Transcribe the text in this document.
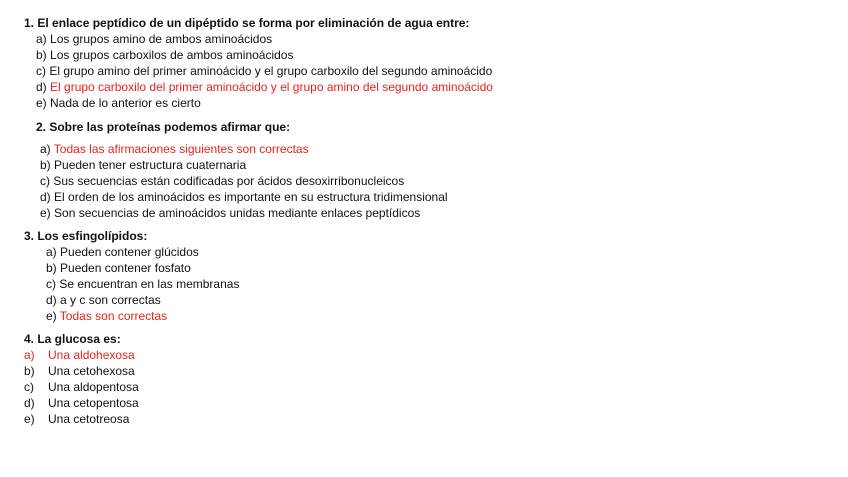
1. El enlace peptídico de un dipéptido se forma por eliminación de agua entre:
a) Los grupos amino de ambos aminoácidos
b) Los grupos carboxilos de ambos aminoácidos
c) El grupo amino del primer aminoácido y el grupo carboxilo del segundo aminoácido
d) El grupo carboxilo del primer aminoácido y el grupo amino del segundo aminoácido
e) Nada de lo anterior es cierto
2. Sobre las proteínas podemos afirmar que:
a) Todas las afirmaciones siguientes son correctas
b) Pueden tener estructura cuaternaria
c) Sus secuencias están codificadas por ácidos desoxirribonucleicos
d) El orden de los aminoácidos es importante en su estructura tridimensional
e) Son secuencias de aminoácidos unidas mediante enlaces peptídicos
3. Los esfingolípidos:
a) Pueden contener glúcidos
b) Pueden contener fosfato
c) Se encuentran en las membranas
d) a y c son correctas
e) Todas son correctas
4. La glucosa es:
a) Una aldohexosa
b) Una cetohexosa
c) Una aldopentosa
d) Una cetopentosa
e) Una cetotreosa
